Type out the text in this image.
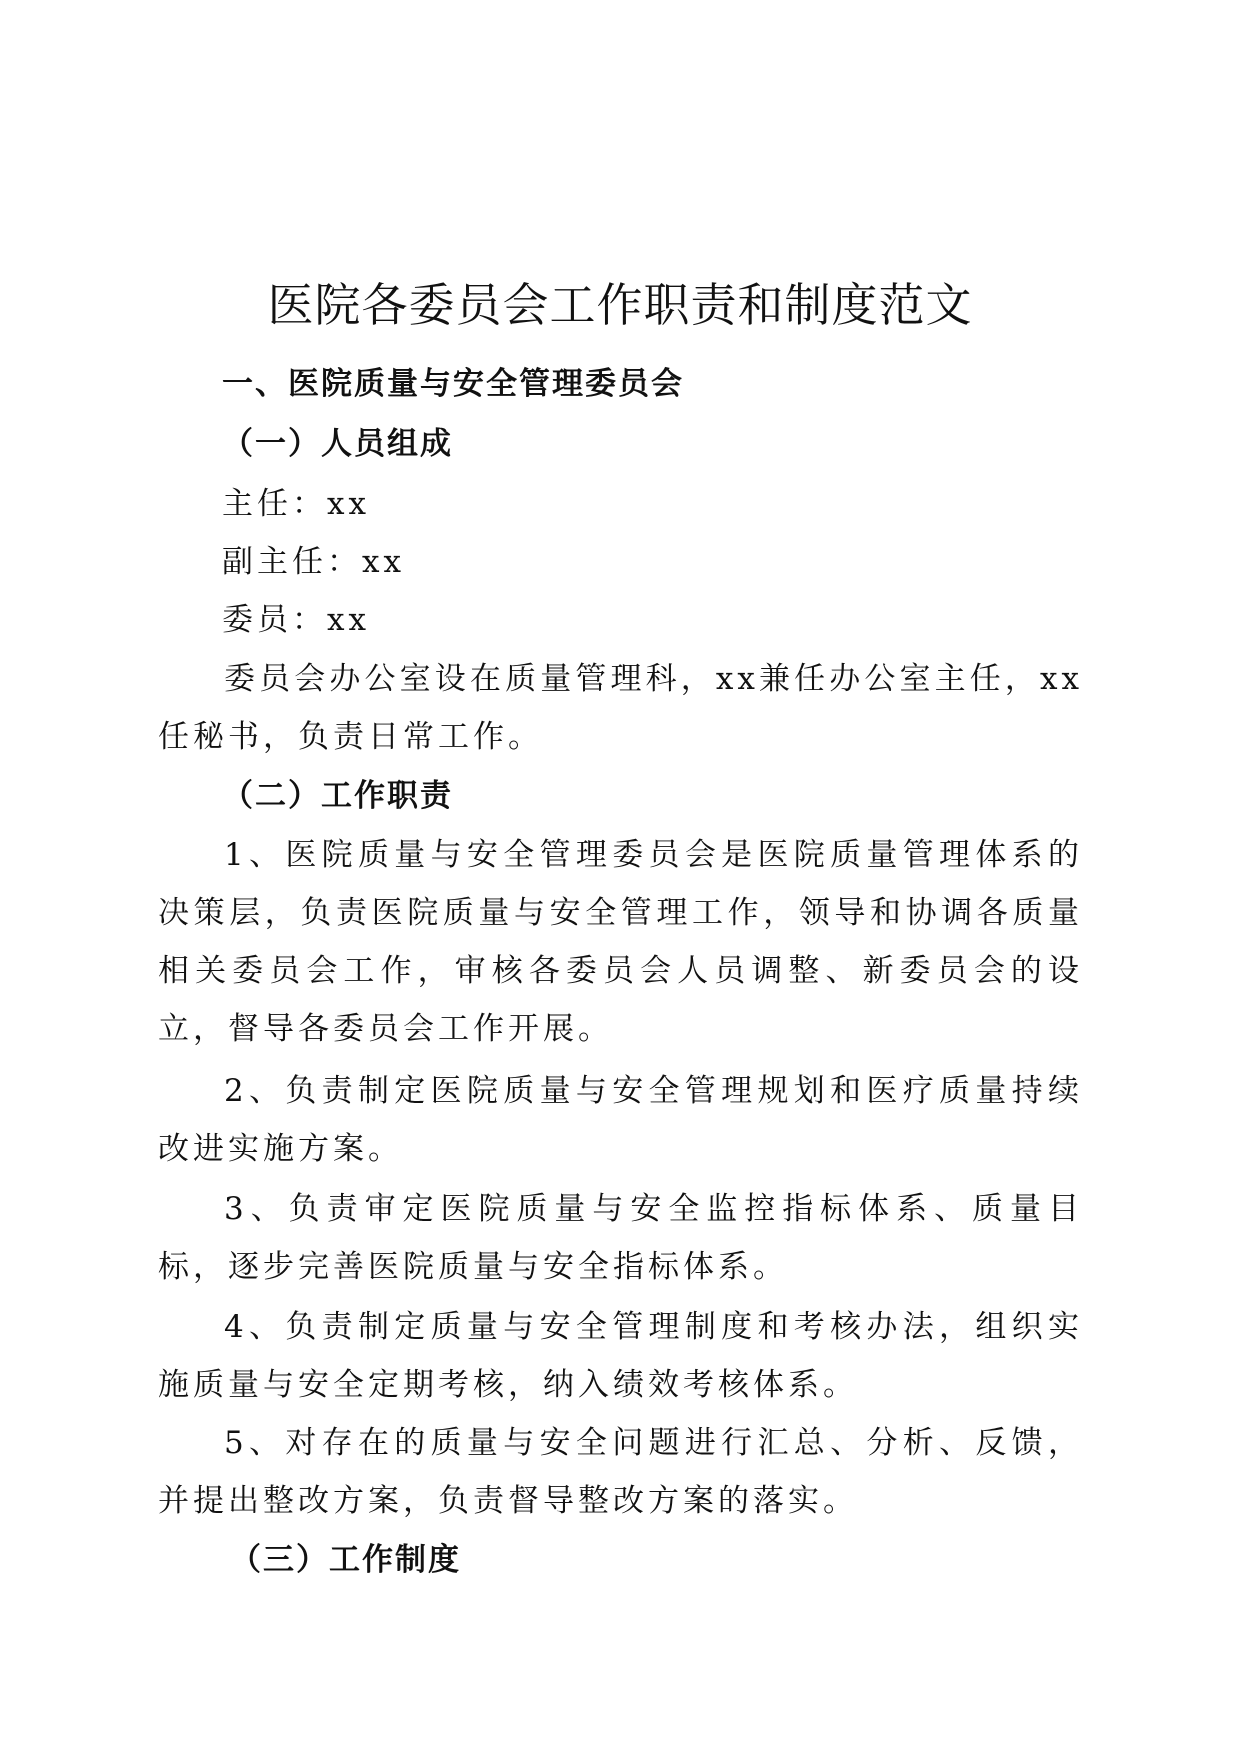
医院各委员会工作职责和制度范文
一、医院质量与安全管理委员会
（一）人员组成
主任：xx
副主任：xx
委员：xx
委员会办公室设在质量管理科，xx兼任办公室主任，xx任秘书，负责日常工作。
（二）工作职责
1、医院质量与安全管理委员会是医院质量管理体系的决策层，负责医院质量与安全管理工作，领导和协调各质量相关委员会工作，审核各委员会人员调整、新委员会的设立，督导各委员会工作开展。
2、负责制定医院质量与安全管理规划和医疗质量持续改进实施方案。
3、负责审定医院质量与安全监控指标体系、质量目标，逐步完善医院质量与安全指标体系。
4、负责制定质量与安全管理制度和考核办法，组织实施质量与安全定期考核，纳入绩效考核体系。
5、对存在的质量与安全问题进行汇总、分析、反馈，并提出整改方案，负责督导整改方案的落实。
（三）工作制度
